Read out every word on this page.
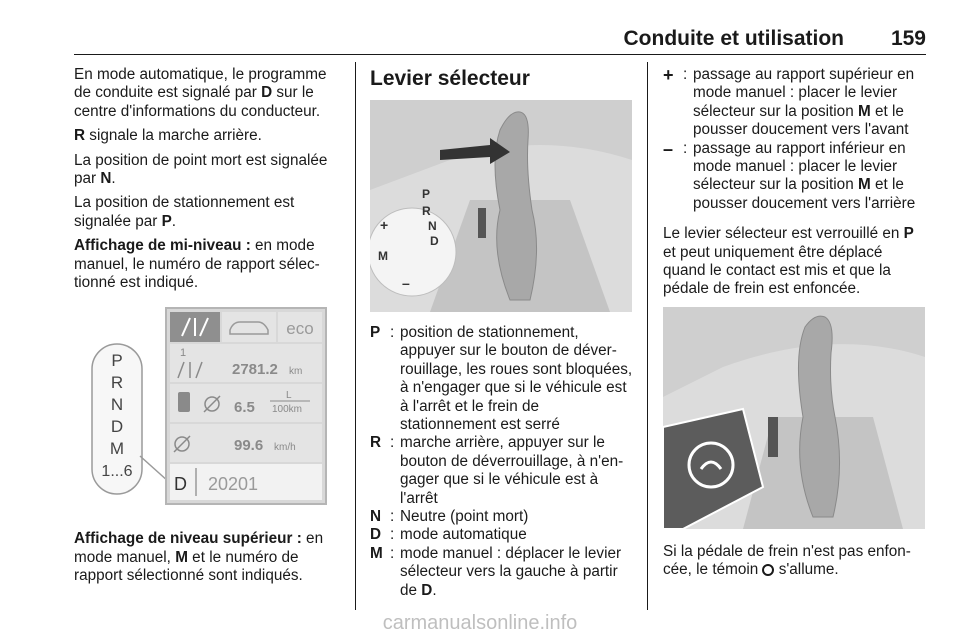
Conduite et utilisation 159

En mode automatique, le programme de conduite est signalé par D sur le centre d'informations du conducteur.

R signale la marche arrière.

La position de point mort est signalée par N.

La position de stationnement est signalée par P.

Affichage de mi-niveau : en mode manuel, le numéro de rapport sélectionné est indiqué.

P
R
N
D
M
1...6
eco
1
2781.2 km
6.5
L
100km
99.6 km/h
D 20201

Affichage de niveau supérieur : en mode manuel, M et le numéro de rapport sélectionné sont indiqués.

Levier sélecteur
P
R
N
D
M
+
–
P : position de stationnement, appuyer sur le bouton de déverrouillage, les roues sont bloquées, à n'engager que si le véhicule est à l'arrêt et le frein de stationnement est serré
R : marche arrière, appuyer sur le bouton de déverrouillage, à n'engager que si le véhicule est à l'arrêt
N : Neutre (point mort)
D : mode automatique
M : mode manuel : déplacer le levier sélecteur vers la gauche à partir de D.
+ : passage au rapport supérieur en mode manuel : placer le levier sélecteur sur la position M et le pousser doucement vers l'avant
– : passage au rapport inférieur en mode manuel : placer le levier sélecteur sur la position M et le pousser doucement vers l'arrière

Le levier sélecteur est verrouillé en P et peut uniquement être déplacé quand le contact est mis et que la pédale de frein est enfoncée.

Si la pédale de frein n'est pas enfoncée, le témoin  s'allume.

carmanualsonline.info
